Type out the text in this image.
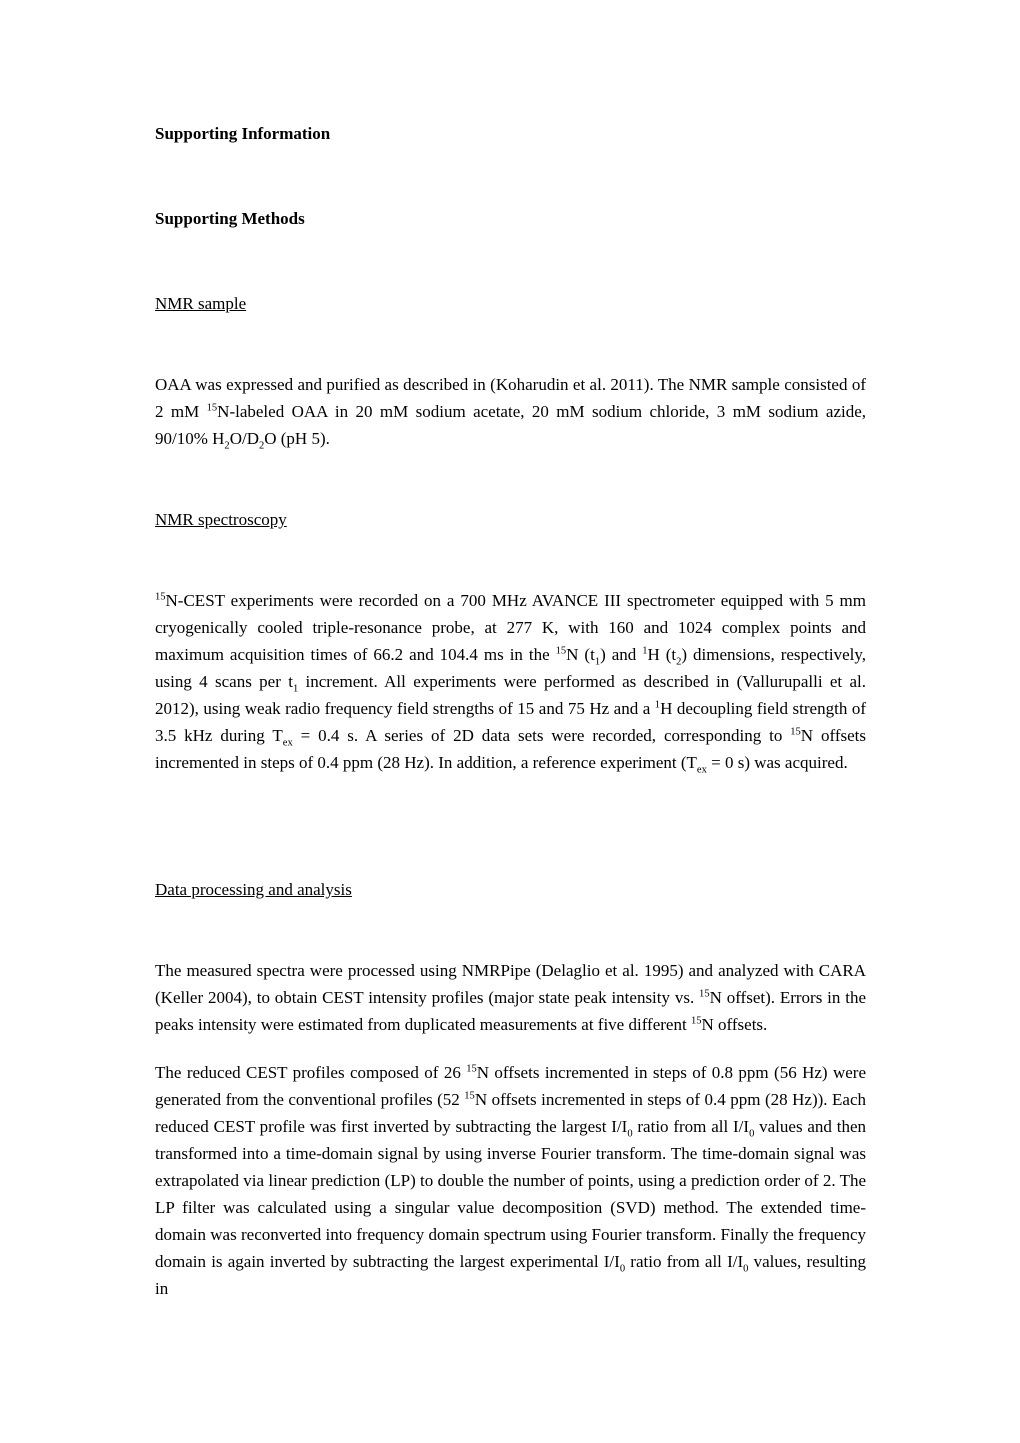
Supporting Information
Supporting Methods
NMR sample
OAA was expressed and purified as described in (Koharudin et al. 2011). The NMR sample consisted of 2 mM $^{15}$N-labeled OAA in 20 mM sodium acetate, 20 mM sodium chloride, 3 mM sodium azide, 90/10% $H_2O/D_2O$ (pH 5).
NMR spectroscopy
$^{15}$N-CEST experiments were recorded on a 700 MHz AVANCE III spectrometer equipped with 5 mm cryogenically cooled triple-resonance probe, at 277 K, with 160 and 1024 complex points and maximum acquisition times of 66.2 and 104.4 ms in the $^{15}$N $(t_1)$ and $^1$H $(t_2)$ dimensions, respectively, using 4 scans per $t_1$ increment. All experiments were performed as described in (Vallurupalli et al. 2012), using weak radio frequency field strengths of 15 and 75 Hz and a $^1$H decoupling field strength of 3.5 kHz during $T_{ex} = 0.4$ s. A series of 2D data sets were recorded, corresponding to $^{15}$N offsets incremented in steps of 0.4 ppm (28 Hz). In addition, a reference experiment ($T_{ex} = 0$ s) was acquired.
Data processing and analysis
The measured spectra were processed using NMRPipe (Delaglio et al. 1995) and analyzed with CARA (Keller 2004), to obtain CEST intensity profiles (major state peak intensity vs. $^{15}$N offset). Errors in the peaks intensity were estimated from duplicated measurements at five different $^{15}$N offsets.
The reduced CEST profiles composed of 26 $^{15}$N offsets incremented in steps of 0.8 ppm (56 Hz) were generated from the conventional profiles (52 $^{15}$N offsets incremented in steps of 0.4 ppm (28 Hz)). Each reduced CEST profile was first inverted by subtracting the largest $I/I_0$ ratio from all $I/I_0$ values and then transformed into a time-domain signal by using inverse Fourier transform. The time-domain signal was extrapolated via linear prediction (LP) to double the number of points, using a prediction order of 2. The LP filter was calculated using a singular value decomposition (SVD) method. The extended time-domain was reconverted into frequency domain spectrum using Fourier transform. Finally the frequency domain is again inverted by subtracting the largest experimental $I/I_0$ ratio from all $I/I_0$ values, resulting in
